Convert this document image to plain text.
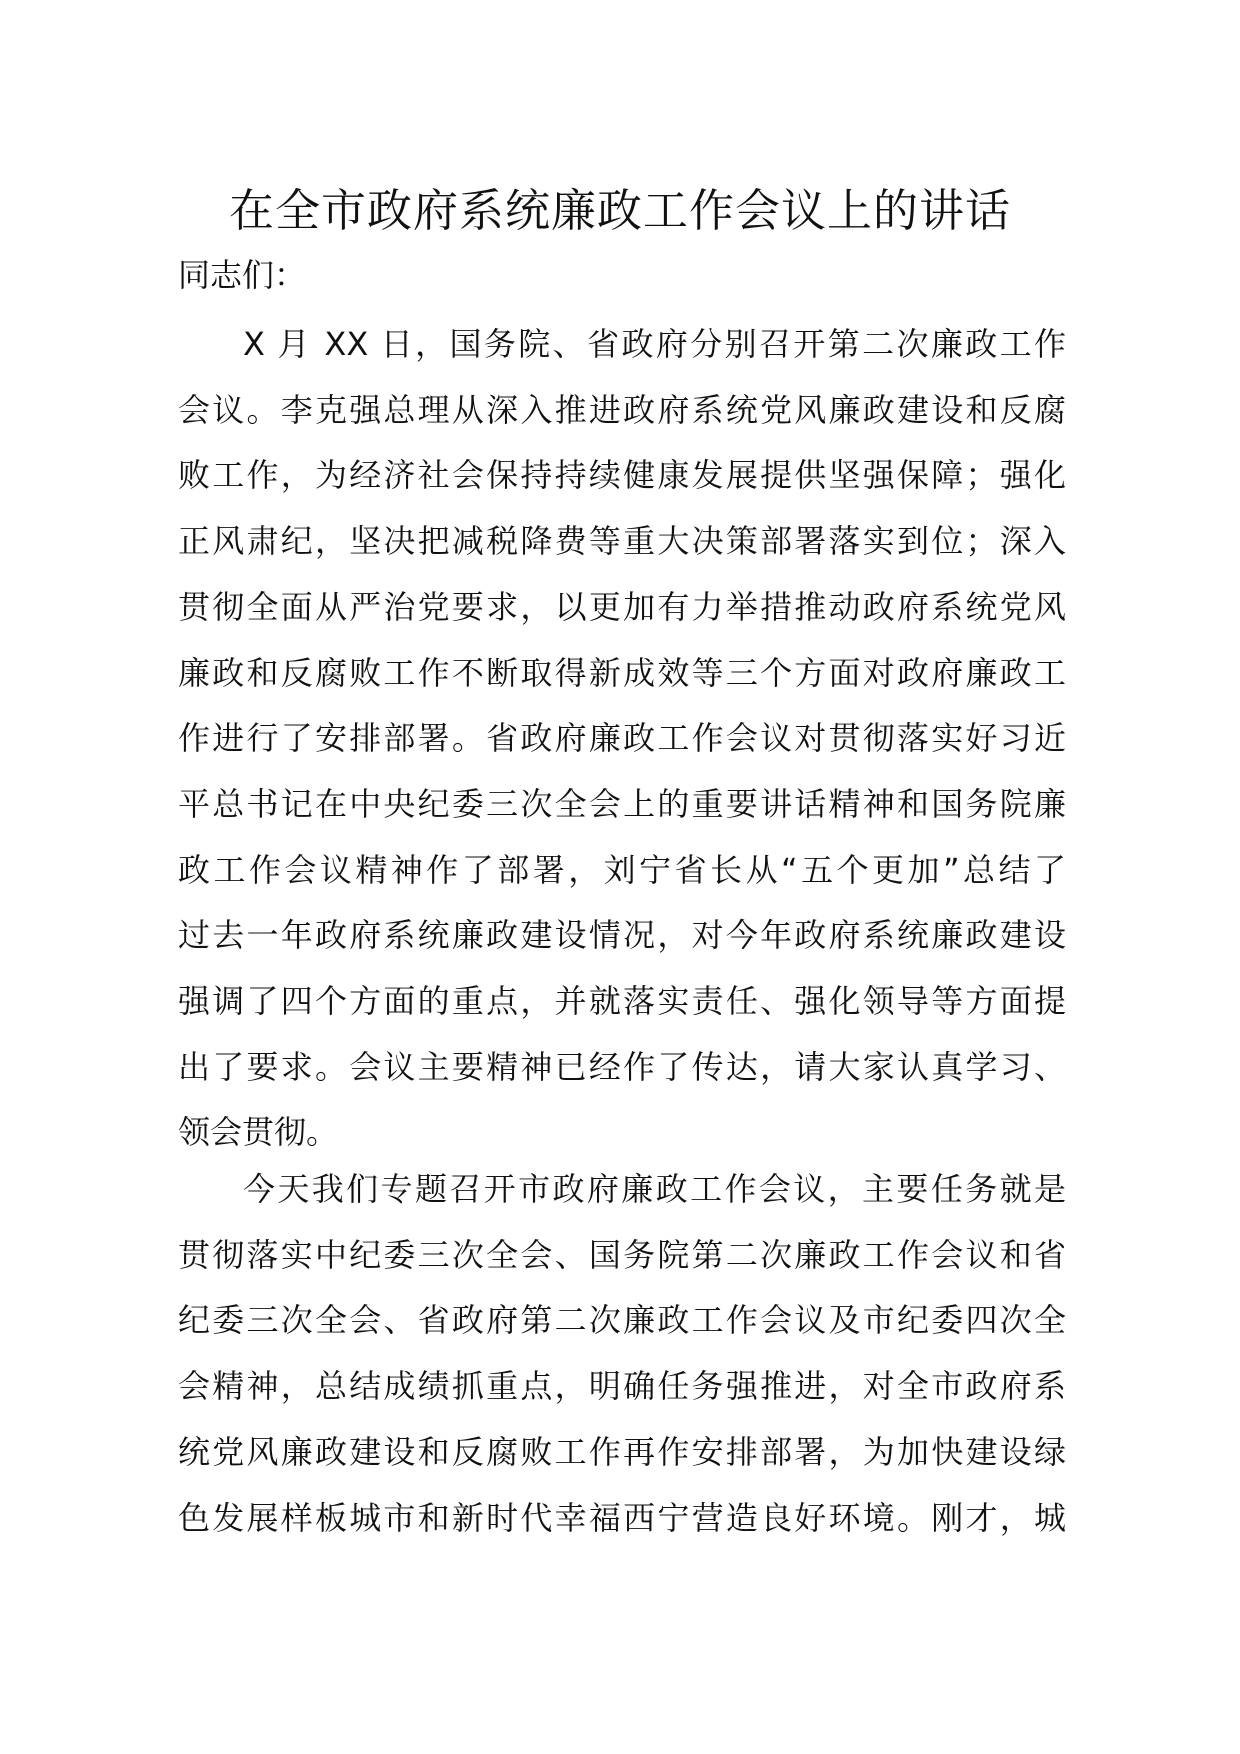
在全市政府系统廉政工作会议上的讲话

同志们：

X 月 XX 日，国务院、省政府分别召开第二次廉政工作
会议。李克强总理从深入推进政府系统党风廉政建设和反腐
败工作，为经济社会保持持续健康发展提供坚强保障；强化
正风肃纪，坚决把减税降费等重大决策部署落实到位；深入
贯彻全面从严治党要求，以更加有力举措推动政府系统党风
廉政和反腐败工作不断取得新成效等三个方面对政府廉政工
作进行了安排部署。省政府廉政工作会议对贯彻落实好习近
平总书记在中央纪委三次全会上的重要讲话精神和国务院廉
政工作会议精神作了部署，刘宁省长从“五个更加”总结了
过去一年政府系统廉政建设情况，对今年政府系统廉政建设
强调了四个方面的重点，并就落实责任、强化领导等方面提
出了要求。会议主要精神已经作了传达，请大家认真学习、
领会贯彻。
今天我们专题召开市政府廉政工作会议，主要任务就是
贯彻落实中纪委三次全会、国务院第二次廉政工作会议和省
纪委三次全会、省政府第二次廉政工作会议及市纪委四次全
会精神，总结成绩抓重点，明确任务强推进，对全市政府系
统党风廉政建设和反腐败工作再作安排部署，为加快建设绿
色发展样板城市和新时代幸福西宁营造良好环境。刚才，城
